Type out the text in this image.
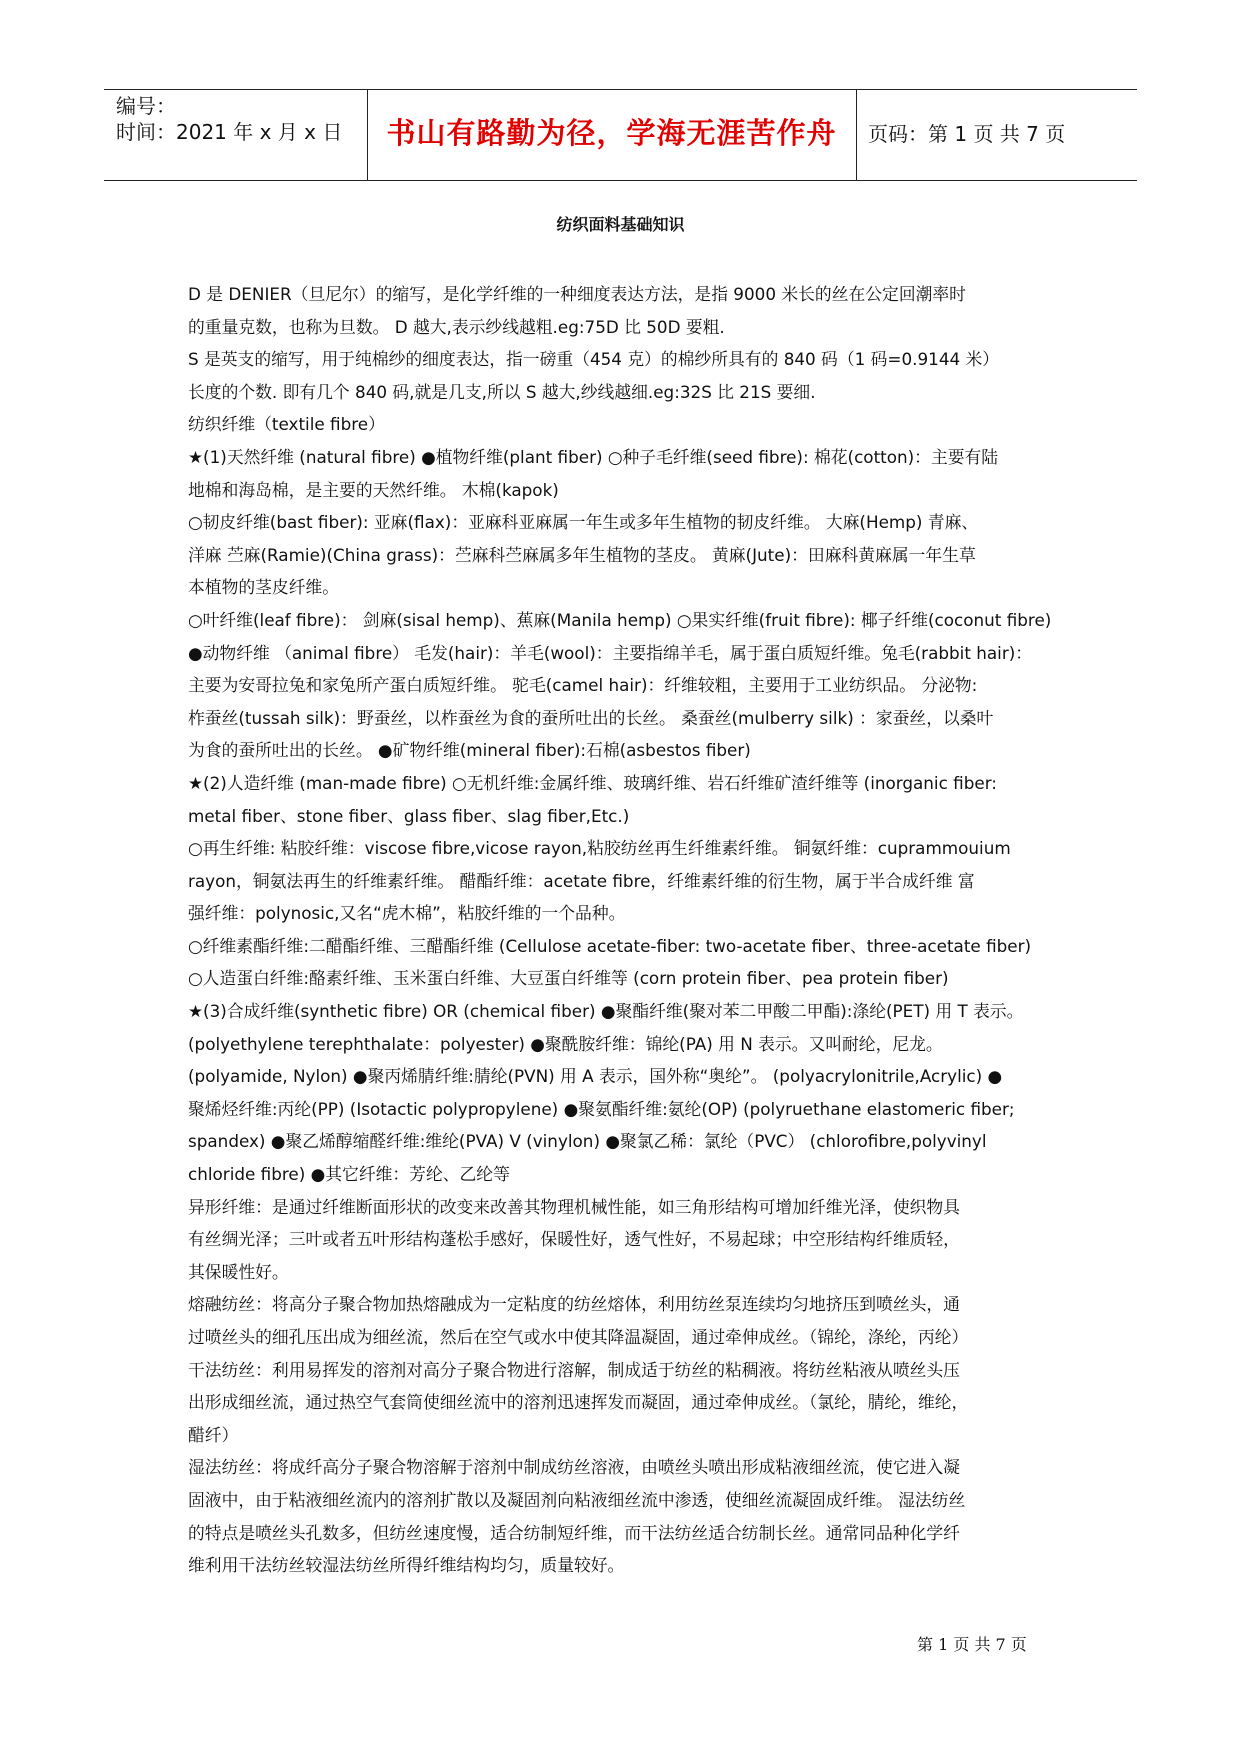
编号：
时间：2021 年 x 月 x 日	书山有路勤为径，学海无涯苦作舟	页码：第 1 页 共 7 页
纺织面料基础知识

D 是 DENIER（旦尼尔）的缩写，是化学纤维的一种细度表达方法，是指 9000 米长的丝在公定回潮率时

的重量克数，也称为旦数。 D 越大,表示纱线越粗.eg:75D 比 50D 要粗.

S 是英支的缩写，用于纯棉纱的细度表达，指一磅重（454 克）的棉纱所具有的 840 码（1 码=0.9144 米）

长度的个数. 即有几个 840 码,就是几支,所以 S 越大,纱线越细.eg:32S 比 21S 要细.

纺织纤维（textile fibre）

★(1)天然纤维 (natural fibre) ●植物纤维(plant fiber) ○种子毛纤维(seed fibre): 棉花(cotton)：主要有陆

地棉和海岛棉，是主要的天然纤维。 木棉(kapok)

○韧皮纤维(bast fiber): 亚麻(flax)：亚麻科亚麻属一年生或多年生植物的韧皮纤维。 大麻(Hemp) 青麻、

洋麻 苎麻(Ramie)(China grass)：苎麻科苎麻属多年生植物的茎皮。 黄麻(Jute)：田麻科黄麻属一年生草

本植物的茎皮纤维。

○叶纤维(leaf fibre)： 剑麻(sisal hemp)、蕉麻(Manila hemp) ○果实纤维(fruit fibre): 椰子纤维(coconut fibre)

●动物纤维 （animal fibre） 毛发(hair)：羊毛(wool)：主要指绵羊毛，属于蛋白质短纤维。兔毛(rabbit hair)：

主要为安哥拉兔和家兔所产蛋白质短纤维。 驼毛(camel hair)：纤维较粗，主要用于工业纺织品。 分泌物:

柞蚕丝(tussah silk)：野蚕丝，以柞蚕丝为食的蚕所吐出的长丝。 桑蚕丝(mulberry silk) ：家蚕丝，以桑叶

为食的蚕所吐出的长丝。 ●矿物纤维(mineral fiber):石棉(asbestos fiber)

★(2)人造纤维 (man-made fibre) ○无机纤维:金属纤维、玻璃纤维、岩石纤维矿渣纤维等 (inorganic fiber:

metal fiber、stone fiber、glass fiber、slag fiber,Etc.)

○再生纤维: 粘胶纤维：viscose fibre,vicose rayon,粘胶纺丝再生纤维素纤维。 铜氨纤维：cuprammouium

rayon，铜氨法再生的纤维素纤维。 醋酯纤维：acetate fibre，纤维素纤维的衍生物，属于半合成纤维 富

强纤维：polynosic,又名“虎木棉”，粘胶纤维的一个品种。

○纤维素酯纤维:二醋酯纤维、三醋酯纤维 (Cellulose acetate-fiber: two-acetate fiber、three-acetate fiber)

○人造蛋白纤维:酪素纤维、玉米蛋白纤维、大豆蛋白纤维等 (corn protein fiber、pea protein fiber)

★(3)合成纤维(synthetic fibre) OR (chemical fiber) ●聚酯纤维(聚对苯二甲酸二甲酯):涤纶(PET) 用 T 表示。

(polyethylene terephthalate：polyester) ●聚酰胺纤维：锦纶(PA) 用 N 表示。又叫耐纶，尼龙。

(polyamide, Nylon) ●聚丙烯腈纤维:腈纶(PVN) 用 A 表示，国外称“奥纶”。 (polyacrylonitrile,Acrylic) ●

聚烯烃纤维:丙纶(PP) (Isotactic polypropylene) ●聚氨酯纤维:氨纶(OP) (polyruethane elastomeric fiber;

spandex) ●聚乙烯醇缩醛纤维:维纶(PVA) V (vinylon) ●聚氯乙稀：氯纶（PVC） (chlorofibre,polyvinyl

chloride fibre) ●其它纤维：芳纶、乙纶等

异形纤维：是通过纤维断面形状的改变来改善其物理机械性能，如三角形结构可增加纤维光泽，使织物具

有丝绸光泽；三叶或者五叶形结构蓬松手感好，保暖性好，透气性好，不易起球；中空形结构纤维质轻，

其保暖性好。

熔融纺丝：将高分子聚合物加热熔融成为一定粘度的纺丝熔体，利用纺丝泵连续均匀地挤压到喷丝头，通

过喷丝头的细孔压出成为细丝流，然后在空气或水中使其降温凝固，通过牵伸成丝。（锦纶，涤纶，丙纶）

干法纺丝：利用易挥发的溶剂对高分子聚合物进行溶解，制成适于纺丝的粘稠液。将纺丝粘液从喷丝头压

出形成细丝流，通过热空气套筒使细丝流中的溶剂迅速挥发而凝固，通过牵伸成丝。（氯纶，腈纶，维纶，

醋纤）

湿法纺丝：将成纤高分子聚合物溶解于溶剂中制成纺丝溶液，由喷丝头喷出形成粘液细丝流，使它进入凝

固液中，由于粘液细丝流内的溶剂扩散以及凝固剂向粘液细丝流中渗透，使细丝流凝固成纤维。 湿法纺丝

的特点是喷丝头孔数多，但纺丝速度慢，适合纺制短纤维，而干法纺丝适合纺制长丝。通常同品种化学纤

维利用干法纺丝较湿法纺丝所得纤维结构均匀，质量较好。

第 1 页 共 7 页
